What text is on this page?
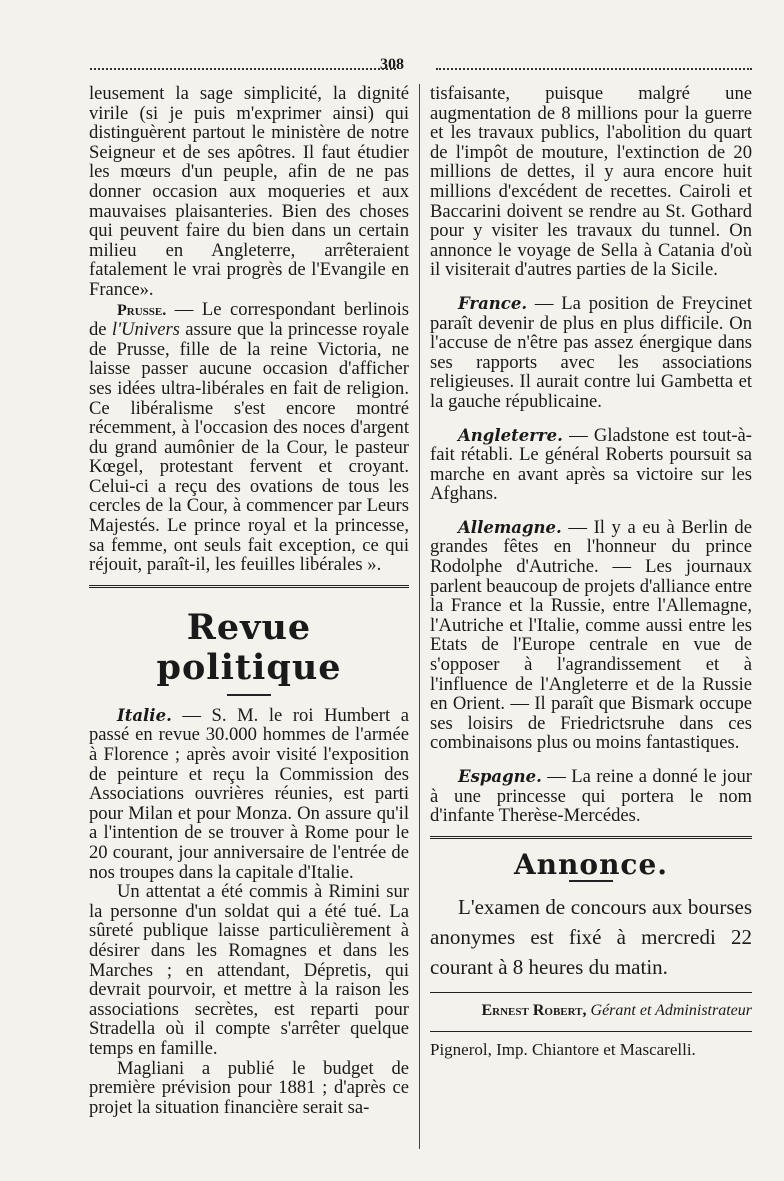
308

leusement la sage simplicité, la dignité virile (si je puis m'exprimer ainsi) qui distinguèrent partout le ministère de notre Seigneur et de ses apôtres. Il faut étudier les mœurs d'un peuple, afin de ne pas donner occasion aux moqueries et aux mauvaises plaisanteries. Bien des choses qui peuvent faire du bien dans un certain milieu en Angleterre, arrêteraient fatalement le vrai progrès de l'Evangile en France».

Prusse. — Le correspondant berlinois de l'Univers assure que la princesse royale de Prusse, fille de la reine Victoria, ne laisse passer aucune occasion d'afficher ses idées ultra-libérales en fait de religion. Ce libéralisme s'est encore montré récemment, à l'occasion des noces d'argent du grand aumônier de la Cour, le pasteur Kœgel, protestant fervent et croyant. Celui-ci a reçu des ovations de tous les cercles de la Cour, à commencer par Leurs Majestés. Le prince royal et la princesse, sa femme, ont seuls fait exception, ce qui réjouit, paraît-il, les feuilles libérales ».

Revue politique

Italie. — S. M. le roi Humbert a passé en revue 30.000 hommes de l'armée à Florence ; après avoir visité l'exposition de peinture et reçu la Commission des Associations ouvrières réunies, est parti pour Milan et pour Monza. On assure qu'il a l'intention de se trouver à Rome pour le 20 courant, jour anniversaire de l'entrée de nos troupes dans la capitale d'Italie.

Un attentat a été commis à Rimini sur la personne d'un soldat qui a été tué. La sûreté publique laisse particulièrement à désirer dans les Romagnes et dans les Marches ; en attendant, Dépretis, qui devrait pourvoir, et mettre à la raison les associations secrètes, est reparti pour Stradella où il compte s'arrêter quelque temps en famille.

Magliani a publié le budget de première prévision pour 1881 ; d'après ce projet la situation financière serait sa-

tisfaisante, puisque malgré une augmentation de 8 millions pour la guerre et les travaux publics, l'abolition du quart de l'impôt de mouture, l'extinction de 20 millions de dettes, il y aura encore huit millions d'excédent de recettes. Cairoli et Baccarini doivent se rendre au St. Gothard pour y visiter les travaux du tunnel. On annonce le voyage de Sella à Catania d'où il visiterait d'autres parties de la Sicile.

France. — La position de Freycinet paraît devenir de plus en plus difficile. On l'accuse de n'être pas assez énergique dans ses rapports avec les associations religieuses. Il aurait contre lui Gambetta et la gauche républicaine.

Angleterre. — Gladstone est tout-à-fait rétabli. Le général Roberts poursuit sa marche en avant après sa victoire sur les Afghans.

Allemagne. — Il y a eu à Berlin de grandes fêtes en l'honneur du prince Rodolphe d'Autriche. — Les journaux parlent beaucoup de projets d'alliance entre la France et la Russie, entre l'Allemagne, l'Autriche et l'Italie, comme aussi entre les Etats de l'Europe centrale en vue de s'opposer à l'agrandissement et à l'influence de l'Angleterre et de la Russie en Orient. — Il paraît que Bismark occupe ses loisirs de Friedrictsruhe dans ces combinaisons plus ou moins fantastiques.

Espagne. — La reine a donné le jour à une princesse qui portera le nom d'infante Therèse-Mercédes.

Annonce.

L'examen de concours aux bourses anonymes est fixé à mercredi 22 courant à 8 heures du matin.

Ernest Robert, Gérant et Administrateur

Pignerol, Imp. Chiantore et Mascarelli.
